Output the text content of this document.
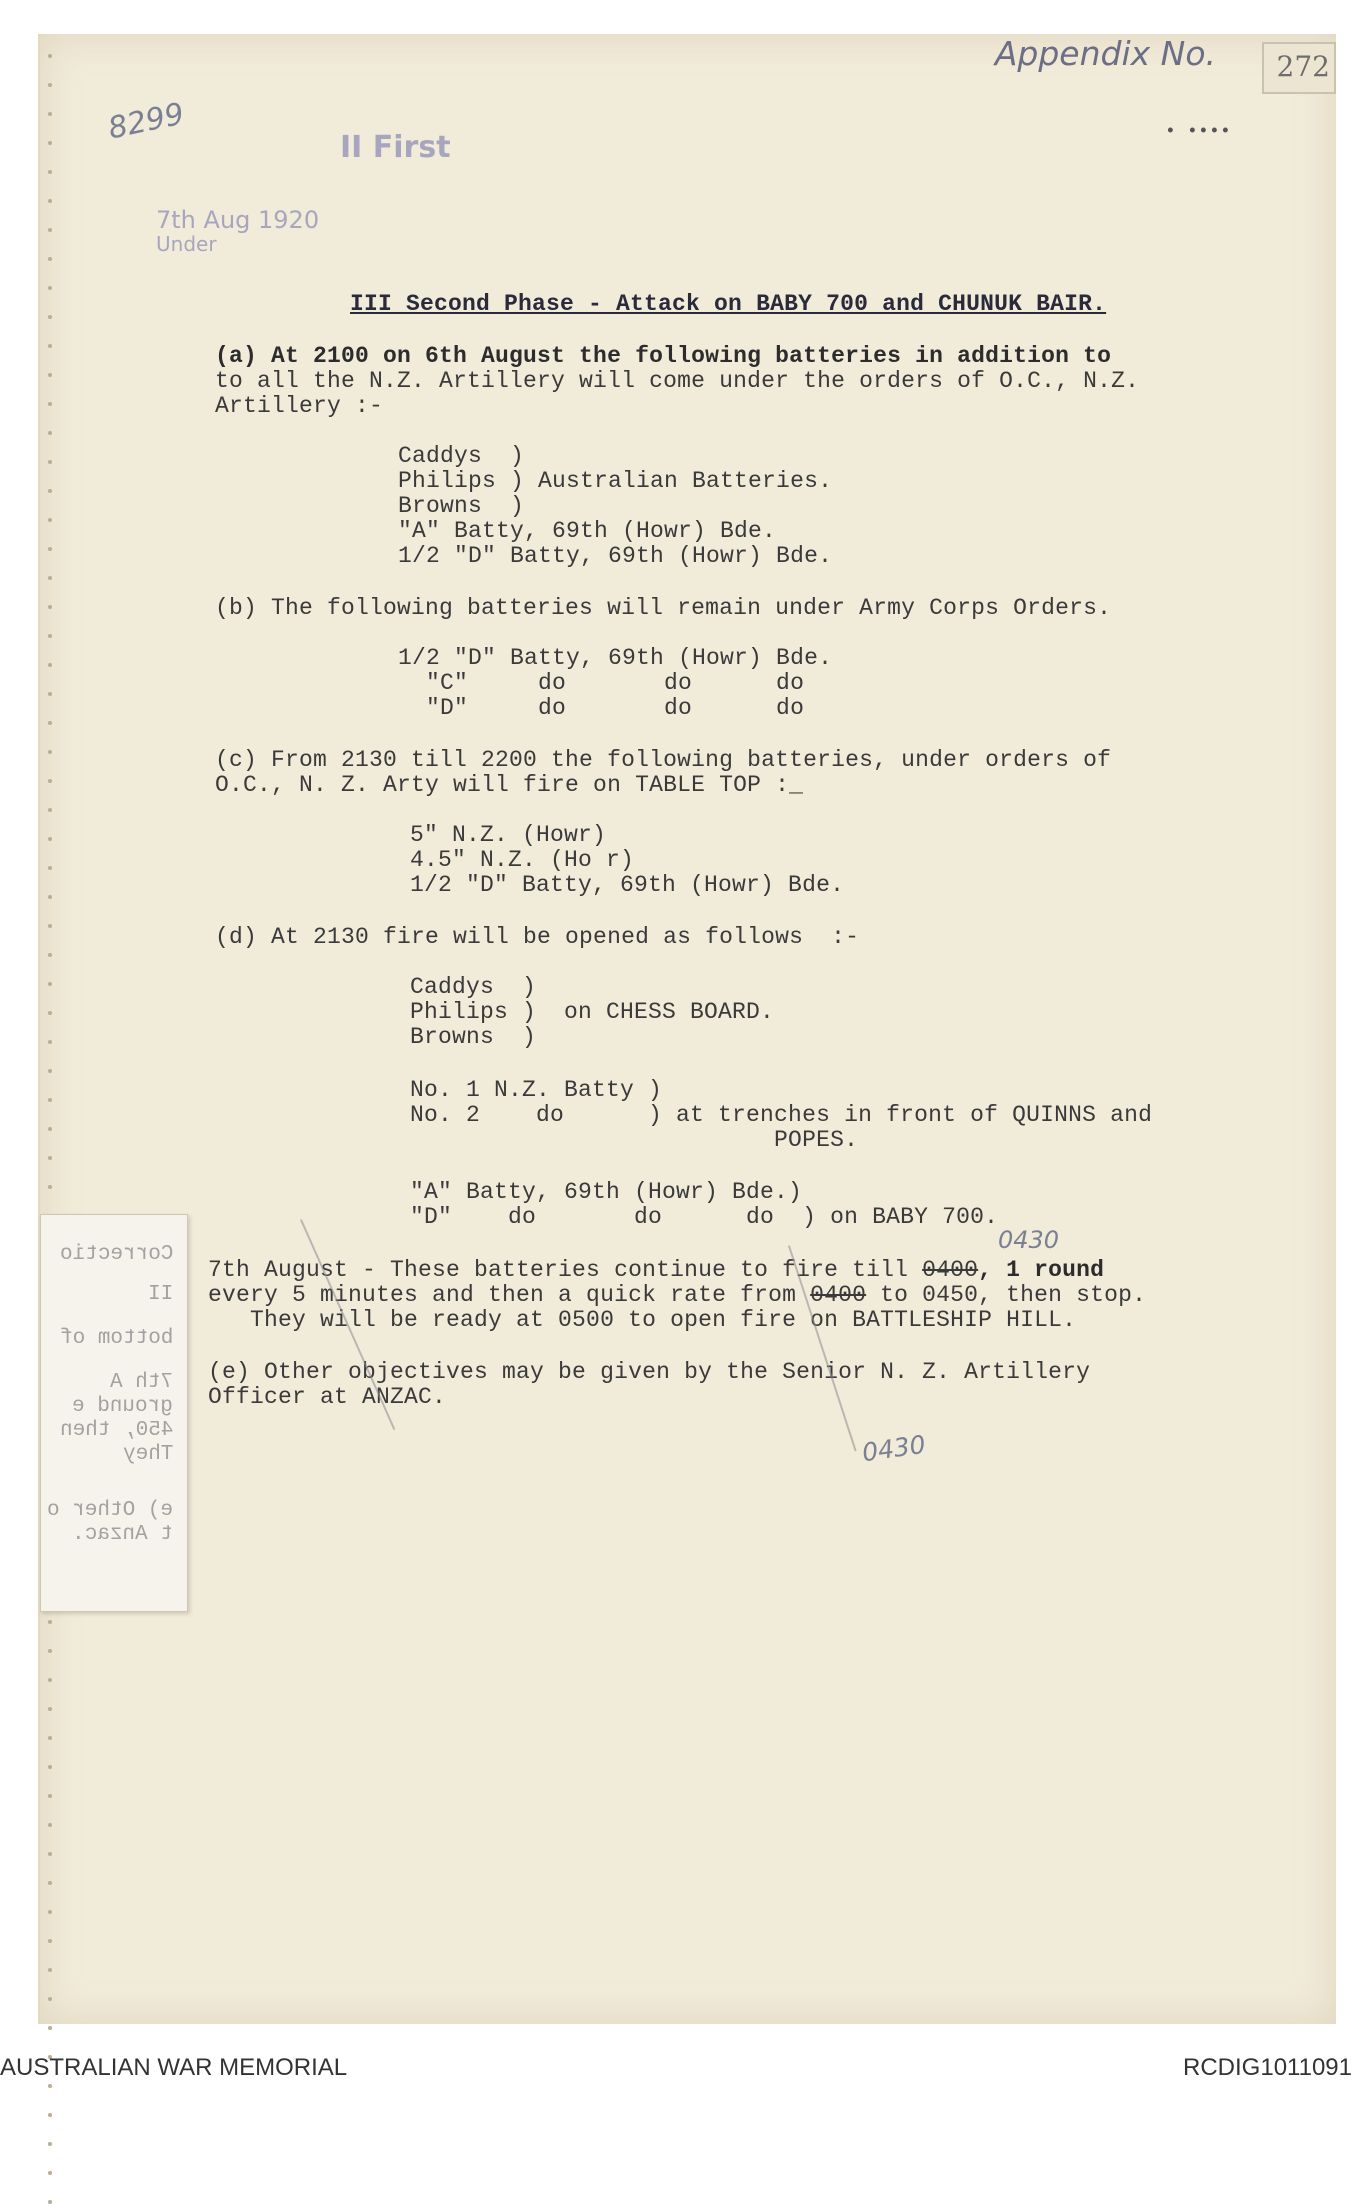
Appendix No. 272
• ••••
8299
II First
7th Aug 1920
Under
III Second Phase - Attack on BABY 700 and CHUNUK BAIR.
(a) At 2100 on 6th August the following batteries in addition to
to all the N.Z. Artillery will come under the orders of O.C., N.Z.
Artillery :-
Caddys  )
Philips ) Australian Batteries.
Browns  )
"A" Batty, 69th (Howr) Bde.
1/2 "D" Batty, 69th (Howr) Bde.
(b) The following batteries will remain under Army Corps Orders.
1/2 "D" Batty, 69th (Howr) Bde.
"C"     do       do      do
"D"     do       do      do
(c) From 2130 till 2200 the following batteries, under orders of
O.C., N. Z. Arty will fire on TABLE TOP :_
5" N.Z. (Howr)
4.5" N.Z. (Ho r)
1/2 "D" Batty, 69th (Howr) Bde.
(d) At 2130 fire will be opened as follows  :-
Caddys  )
Philips )  on CHESS BOARD.
Browns  )
No. 1 N.Z. Batty )
No. 2    do      ) at trenches in front of QUINNS and
POPES.
"A" Batty, 69th (Howr) Bde.)
"D"    do       do      do  ) on BABY 700.
0430
7th August - These batteries continue to fire till 0400, 1 round
every 5 minutes and then a quick rate from 0400 to 0450, then stop.
They will be ready at 0500 to open fire on BATTLESHIP HILL.
(e) Other objectives may be given by the Senior N. Z. Artillery
Officer at ANZAC.
0430
Correctio
II
bottom of
7th A
ground e
450, then
They
e) Other o
t Anzac.
AUSTRALIAN WAR MEMORIAL	RCDIG1011091
